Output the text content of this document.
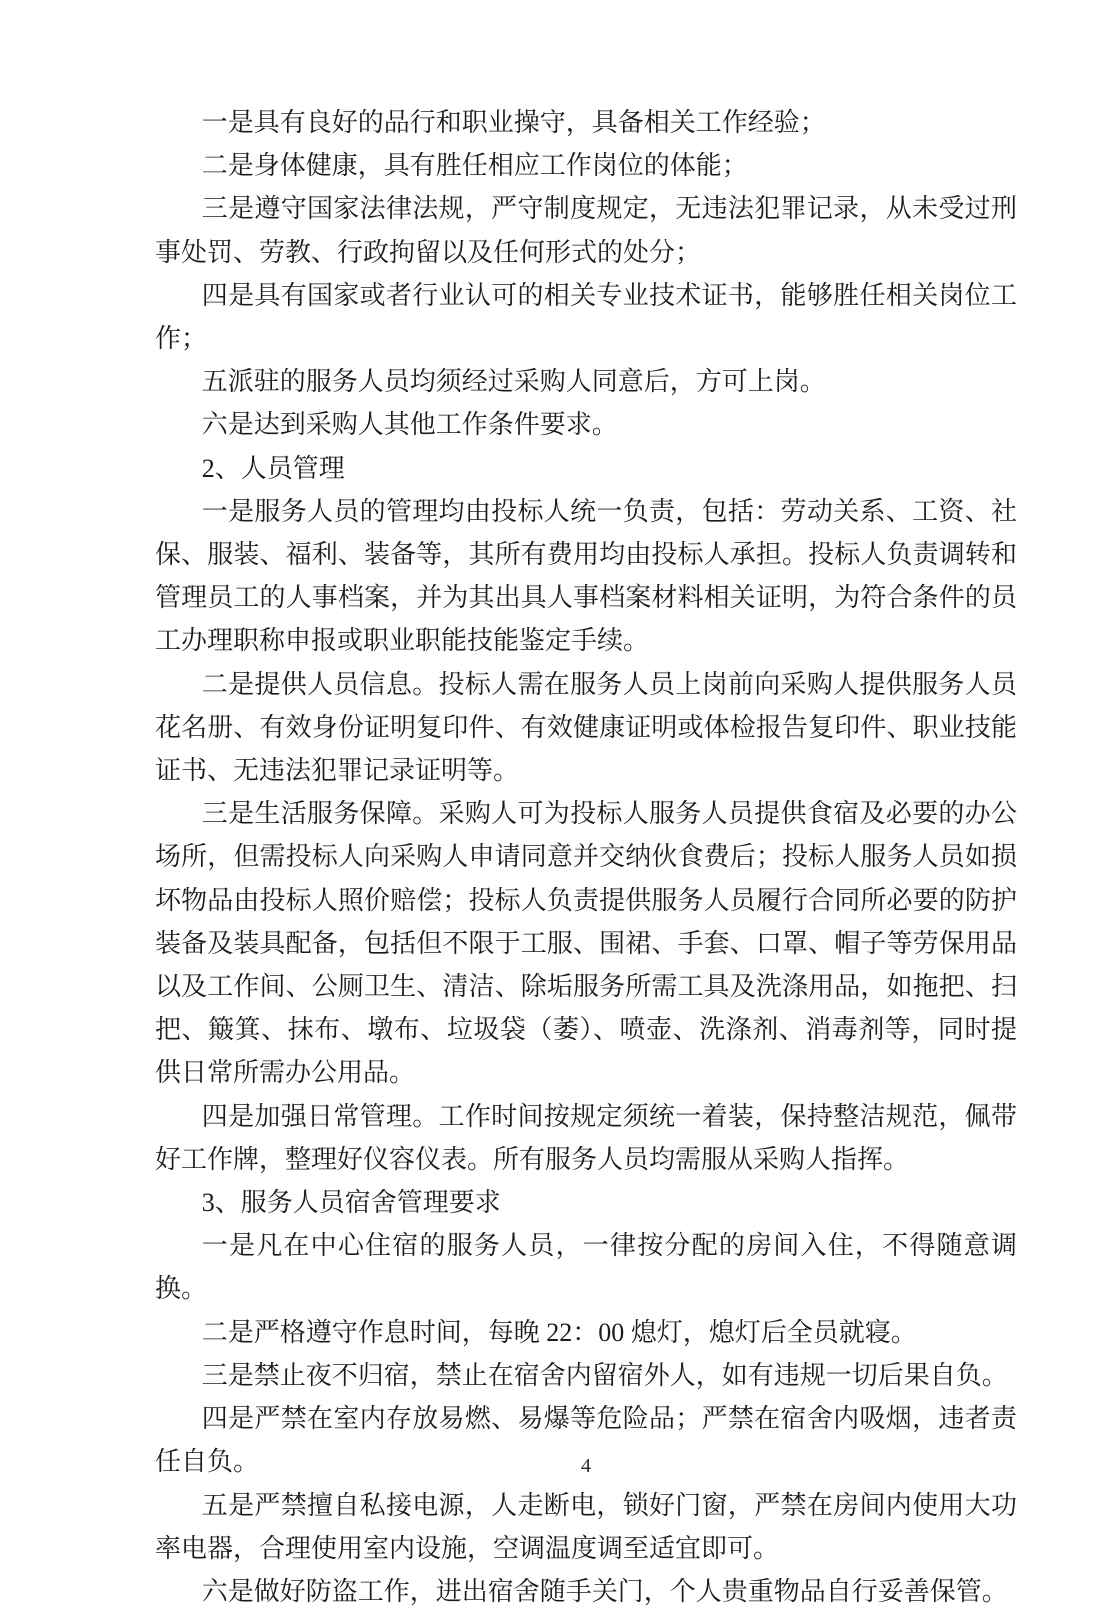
一是具有良好的品行和职业操守，具备相关工作经验；

二是身体健康，具有胜任相应工作岗位的体能；

三是遵守国家法律法规，严守制度规定，无违法犯罪记录，从未受过刑事处罚、劳教、行政拘留以及任何形式的处分；

四是具有国家或者行业认可的相关专业技术证书，能够胜任相关岗位工作；

五派驻的服务人员均须经过采购人同意后，方可上岗。

六是达到采购人其他工作条件要求。

2、人员管理

一是服务人员的管理均由投标人统一负责，包括：劳动关系、工资、社保、服装、福利、装备等，其所有费用均由投标人承担。投标人负责调转和管理员工的人事档案，并为其出具人事档案材料相关证明，为符合条件的员工办理职称申报或职业职能技能鉴定手续。

二是提供人员信息。投标人需在服务人员上岗前向采购人提供服务人员花名册、有效身份证明复印件、有效健康证明或体检报告复印件、职业技能证书、无违法犯罪记录证明等。

三是生活服务保障。采购人可为投标人服务人员提供食宿及必要的办公场所，但需投标人向采购人申请同意并交纳伙食费后；投标人服务人员如损坏物品由投标人照价赔偿；投标人负责提供服务人员履行合同所必要的防护装备及装具配备，包括但不限于工服、围裙、手套、口罩、帽子等劳保用品以及工作间、公厕卫生、清洁、除垢服务所需工具及洗涤用品，如拖把、扫把、簸箕、抹布、墩布、垃圾袋（萎）、喷壶、洗涤剂、消毒剂等，同时提供日常所需办公用品。

四是加强日常管理。工作时间按规定须统一着装，保持整洁规范，佩带好工作牌，整理好仪容仪表。所有服务人员均需服从采购人指挥。

3、服务人员宿舍管理要求

一是凡在中心住宿的服务人员，一律按分配的房间入住，不得随意调换。

二是严格遵守作息时间，每晚 22：00 熄灯，熄灯后全员就寝。

三是禁止夜不归宿，禁止在宿舍内留宿外人，如有违规一切后果自负。

四是严禁在室内存放易燃、易爆等危险品；严禁在宿舍内吸烟，违者责任自负。

五是严禁擅自私接电源，人走断电，锁好门窗，严禁在房间内使用大功率电器，合理使用室内设施，空调温度调至适宜即可。

六是做好防盗工作，进出宿舍随手关门，个人贵重物品自行妥善保管。

4
